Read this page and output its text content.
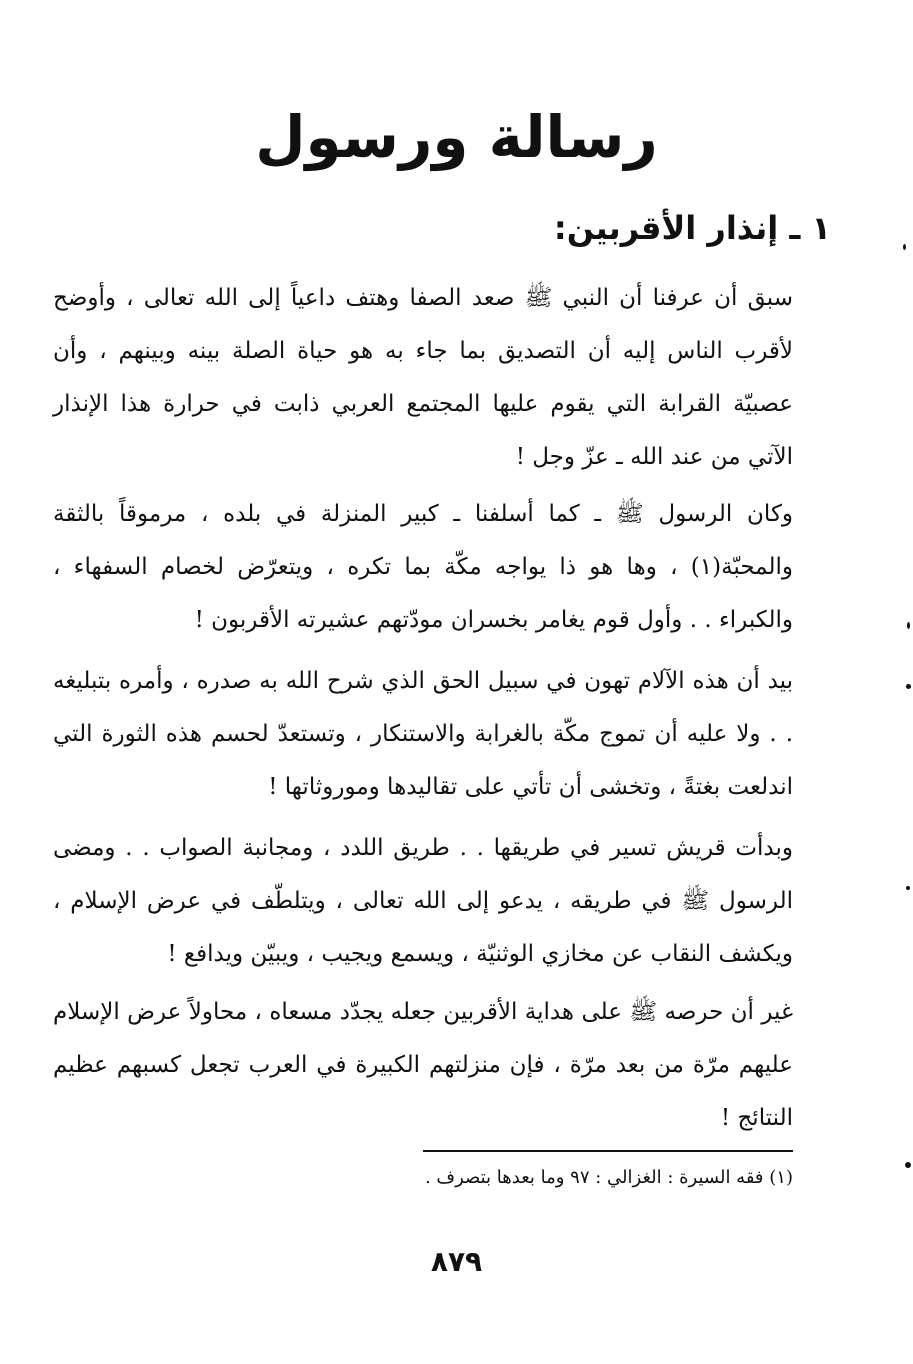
رسالة ورسول
١ ـ إنذار الأقربين:

سبق أن عرفنا أن النبي ﷺ صعد الصفا وهتف داعياً إلى الله تعالى ، وأوضح لأقرب الناس إليه أن التصديق بما جاء به هو حياة الصلة بينه وبينهم ، وأن عصبيّة القرابة التي يقوم عليها المجتمع العربي ذابت في حرارة هذا الإنذار الآتي من عند الله ـ عزّ وجل !

وكان الرسول ﷺ ـ كما أسلفنا ـ كبير المنزلة في بلده ، مرموقاً بالثقة والمحبّة(١) ، وها هو ذا يواجه مكّة بما تكره ، ويتعرّض لخصام السفهاء ، والكبراء . . وأول قوم يغامر بخسران مودّتهم عشيرته الأقربون !

بيد أن هذه الآلام تهون في سبيل الحق الذي شرح الله به صدره ، وأمره بتبليغه . . ولا عليه أن تموج مكّة بالغرابة والاستنكار ، وتستعدّ لحسم هذه الثورة التي اندلعت بغتةً ، وتخشى أن تأتي على تقاليدها وموروثاتها !

وبدأت قريش تسير في طريقها . . طريق اللدد ، ومجانبة الصواب . . ومضى الرسول ﷺ في طريقه ، يدعو إلى الله تعالى ، ويتلطّف في عرض الإسلام ، ويكشف النقاب عن مخازي الوثنيّة ، ويسمع ويجيب ، ويبيّن ويدافع !

غير أن حرصه ﷺ على هداية الأقربين جعله يجدّد مسعاه ، محاولاً عرض الإسلام عليهم مرّة من بعد مرّة ، فإن منزلتهم الكبيرة في العرب تجعل كسبهم عظيم النتائج !

(١) فقه السيرة : الغزالي : ٩٧ وما بعدها بتصرف .

٨٧٩
